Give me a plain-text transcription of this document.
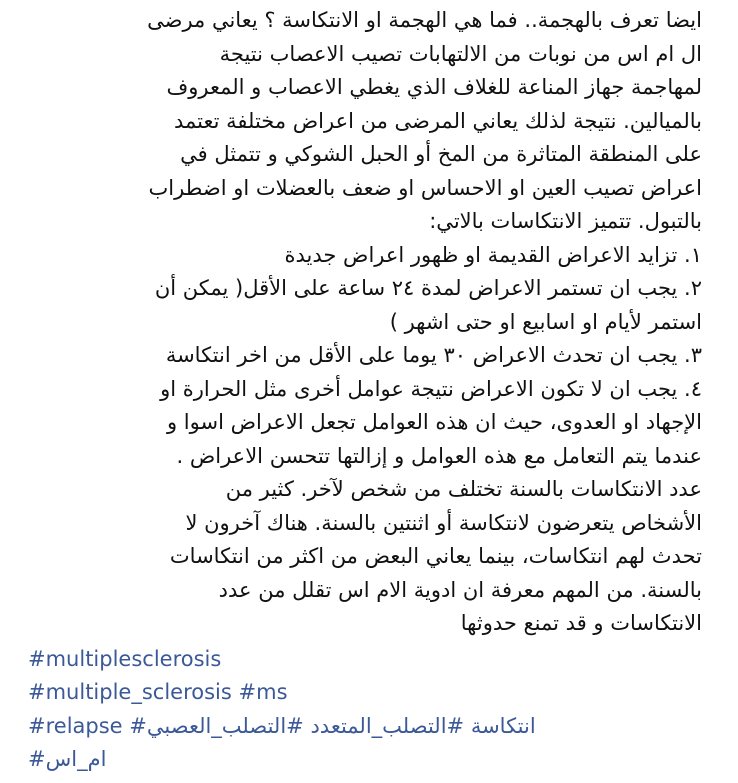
ايضا تعرف بالهجمة.. فما هي الهجمة او الانتكاسة ؟ يعاني مرضى
ال ام اس من نوبات من الالتهابات تصيب الاعصاب نتيجة
لمهاجمة جهاز المناعة للغلاف الذي يغطي الاعصاب و المعروف
بالميالين. نتيجة لذلك يعاني المرضى من اعراض مختلفة تعتمد
على المنطقة المتاثرة من المخ أو الحبل الشوكي و تتمثل في
اعراض تصيب العين او الاحساس او ضعف بالعضلات او اضطراب
بالتبول. تتميز الانتكاسات بالاتي:
١. تزايد الاعراض القديمة او ظهور اعراض جديدة
٢. يجب ان تستمر الاعراض لمدة ٢٤ ساعة على الأقل( يمكن أن
استمر لأيام او اسابيع او حتى اشهر )
٣. يجب ان تحدث الاعراض ٣٠ يوما على الأقل من اخر انتكاسة
٤. يجب ان لا تكون الاعراض نتيجة عوامل أخرى مثل الحرارة او
الإجهاد او العدوى، حيث ان هذه العوامل تجعل الاعراض اسوا و
عندما يتم التعامل مع هذه العوامل و إزالتها تتحسن الاعراض .
عدد الانتكاسات بالسنة تختلف من شخص لآخر. كثير من
الأشخاص يتعرضون لانتكاسة أو اثنتين بالسنة. هناك آخرون لا
تحدث لهم انتكاسات، بينما يعاني البعض من اكثر من انتكاسات
بالسنة. من المهم معرفة ان ادوية الام اس تقلل من عدد
الانتكاسات و قد تمنع حدوثها
#multiplesclerosis
#multiple_sclerosis #ms
#relapse #انتكاسة #التصلب_المتعدد #التصلب_العصبي
#ام_اس
